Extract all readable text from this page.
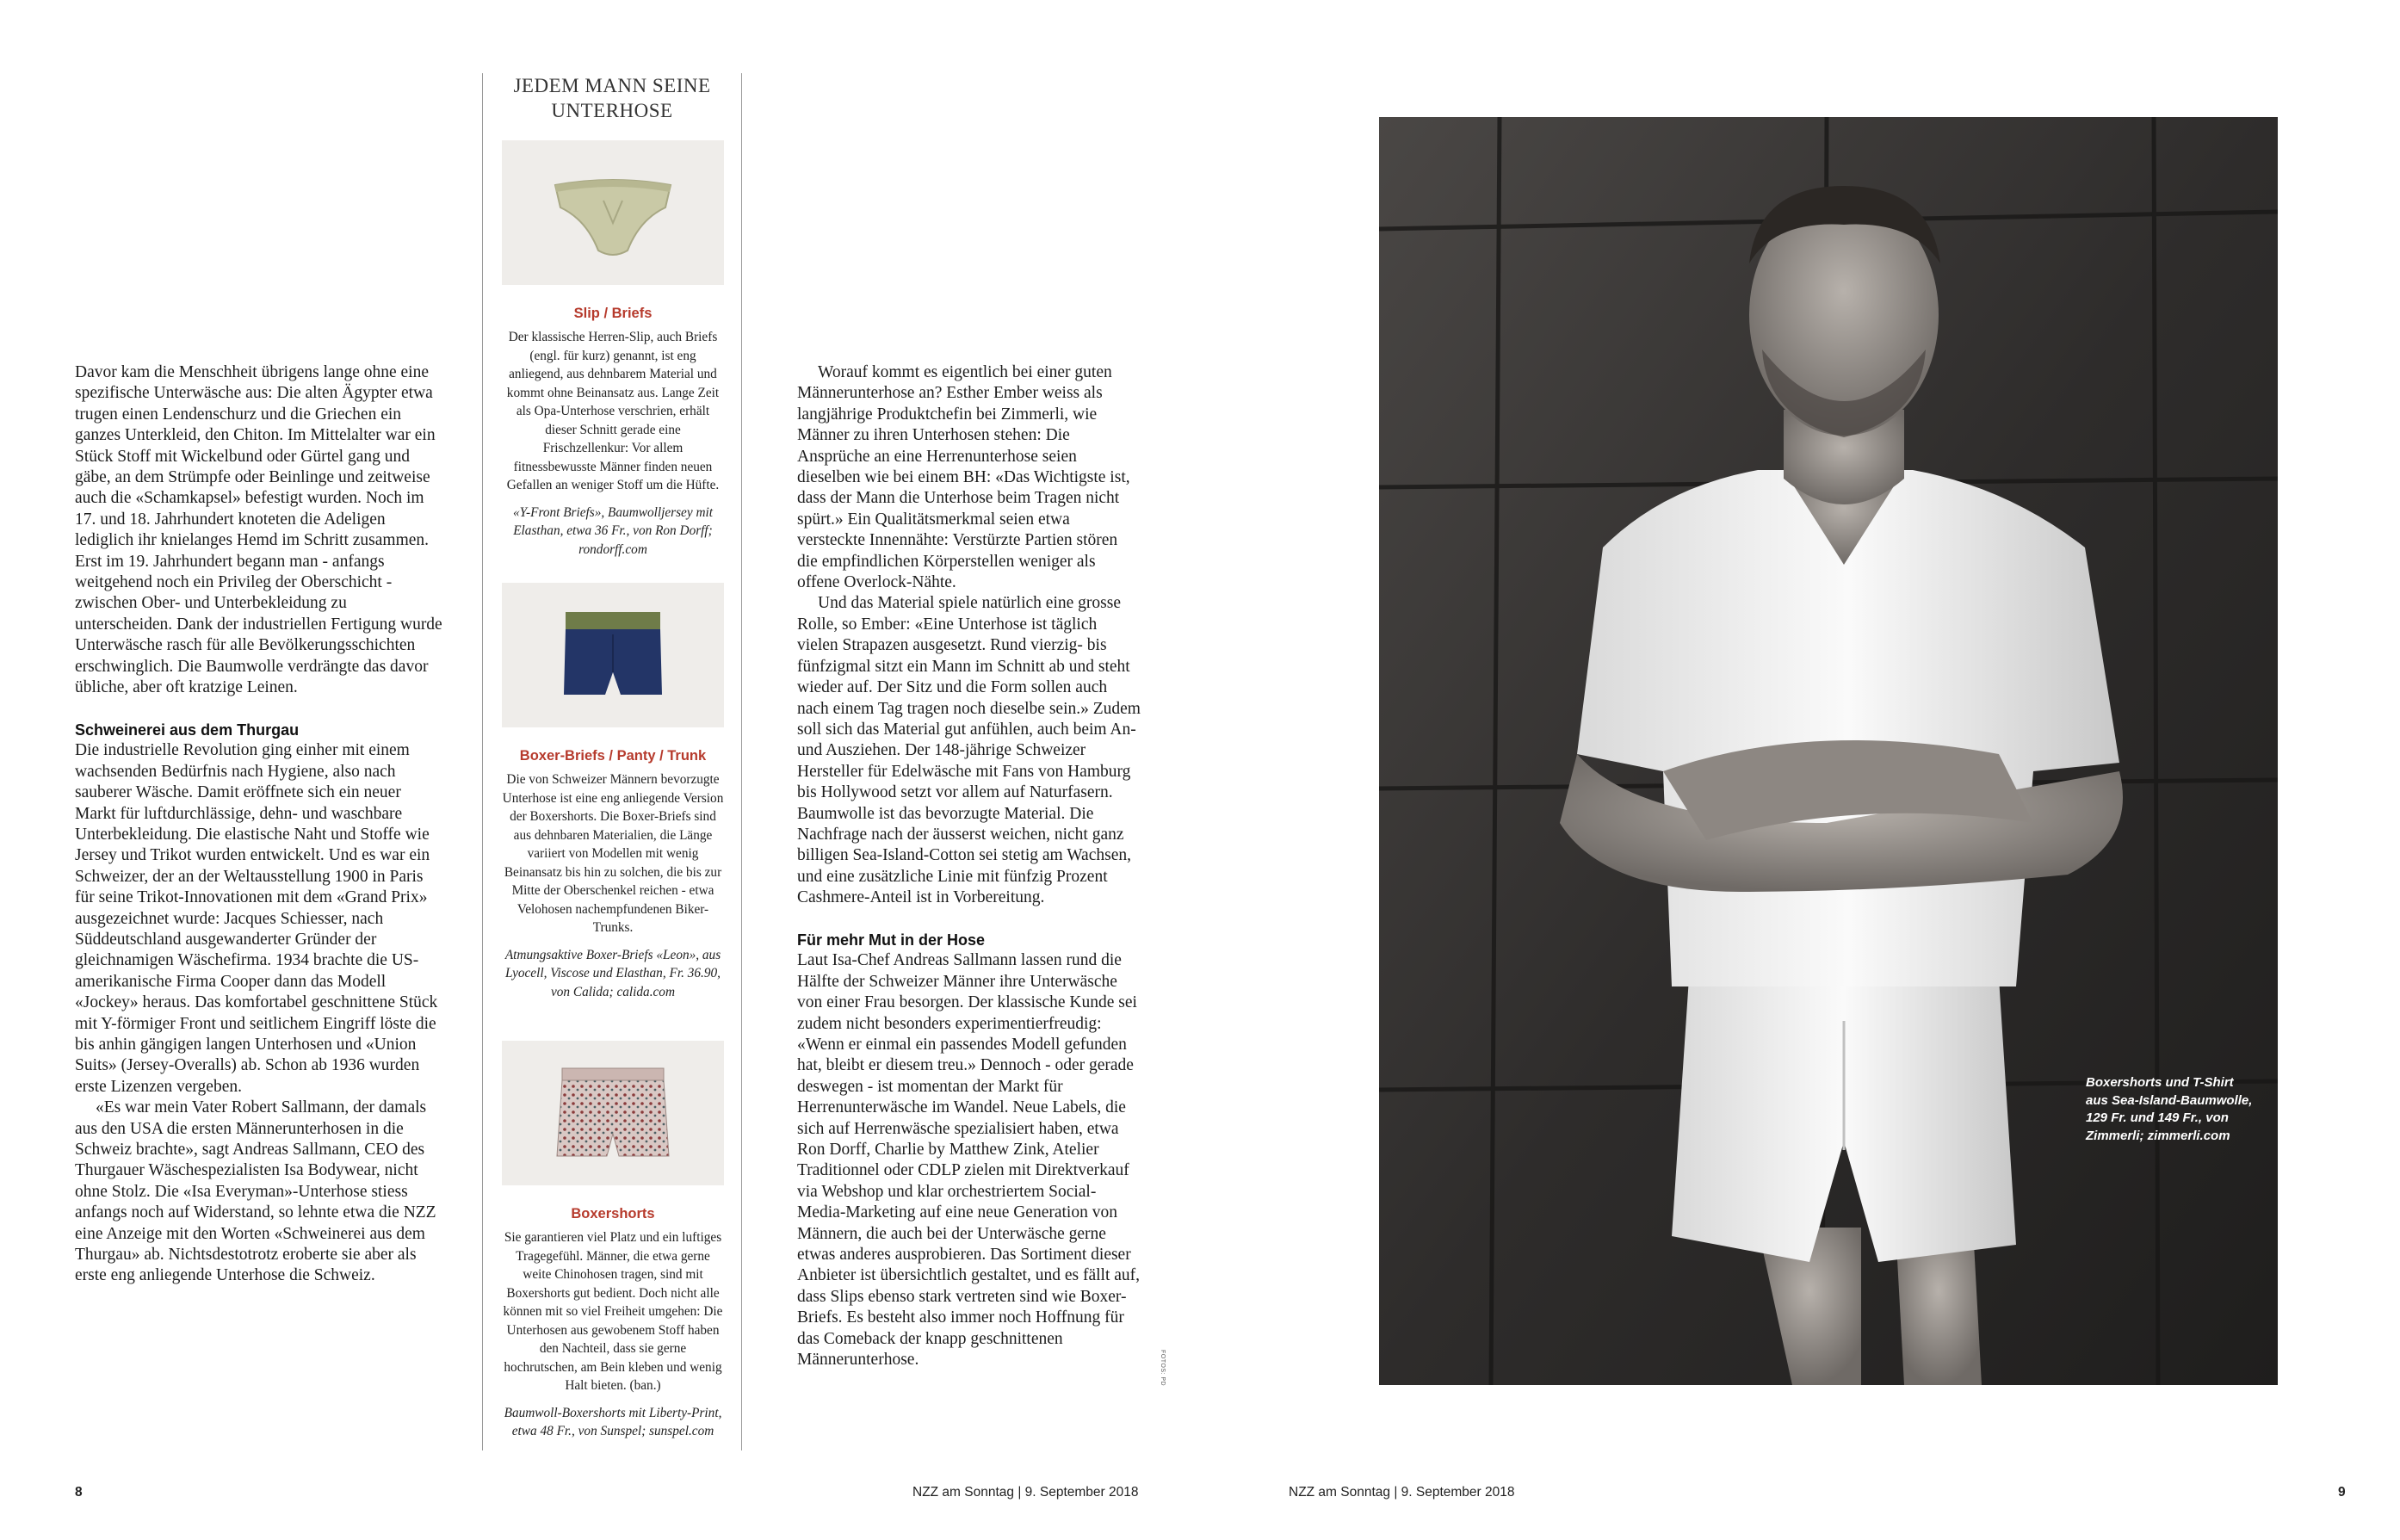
Davor kam die Menschheit übrigens lange ohne eine spezifische Unterwäsche aus: Die alten Ägypter etwa trugen einen Lendenschurz und die Griechen ein ganzes Unterkleid, den Chiton. Im Mittelalter war ein Stück Stoff mit Wickelbund oder Gürtel gang und gäbe, an dem Strümpfe oder Beinlinge und zeitweise auch die «Schamkapsel» befestigt wurden. Noch im 17. und 18. Jahrhundert knoteten die Adeligen lediglich ihr knielanges Hemd im Schritt zusammen. Erst im 19. Jahrhundert begann man - anfangs weitgehend noch ein Privileg der Oberschicht - zwischen Ober- und Unterbekleidung zu unterscheiden. Dank der industriellen Fertigung wurde Unterwäsche rasch für alle Bevölkerungsschichten erschwinglich. Die Baumwolle verdrängte das davor übliche, aber oft kratzige Leinen.

Schweinerei aus dem Thurgau

Die industrielle Revolution ging einher mit einem wachsenden Bedürfnis nach Hygiene, also nach sauberer Wäsche. Damit eröffnete sich ein neuer Markt für luftdurchlässige, dehn- und waschbare Unterbekleidung. Die elastische Naht und Stoffe wie Jersey und Trikot wurden entwickelt. Und es war ein Schweizer, der an der Weltausstellung 1900 in Paris für seine Trikot-Innovationen mit dem «Grand Prix» ausgezeichnet wurde: Jacques Schiesser, nach Süddeutschland ausgewanderter Gründer der gleichnamigen Wäschefirma. 1934 brachte die US-amerikanische Firma Cooper dann das Modell «Jockey» heraus. Das komfortabel geschnittene Stück mit Y-förmiger Front und seitlichem Eingriff löste die bis anhin gängigen langen Unterhosen und «Union Suits» (Jersey-Overalls) ab. Schon ab 1936 wurden erste Lizenzen vergeben.

«Es war mein Vater Robert Sallmann, der damals aus den USA die ersten Männerunterhosen in die Schweiz brachte», sagt Andreas Sallmann, CEO des Thurgauer Wäschespezialisten Isa Bodywear, nicht ohne Stolz. Die «Isa Everyman»-Unterhose stiess anfangs noch auf Widerstand, so lehnte etwa die NZZ eine Anzeige mit den Worten «Schweinerei aus dem Thurgau» ab. Nichtsdestotrotz eroberte sie aber als erste eng anliegende Unterhose die Schweiz.

JEDEM MANN SEINE UNTERHOSE
Slip / Briefs
Der klassische Herren-Slip, auch Briefs (engl. für kurz) genannt, ist eng anliegend, aus dehnbarem Material und kommt ohne Beinansatz aus. Lange Zeit als Opa-Unterhose verschrien, erhält dieser Schnitt gerade eine Frischzellenkur: Vor allem fitnessbewusste Männer finden neuen Gefallen an weniger Stoff um die Hüfte.
«Y-Front Briefs», Baumwolljersey mit Elasthan, etwa 36 Fr., von Ron Dorff; rondorff.com
Boxer-Briefs / Panty / Trunk
Die von Schweizer Männern bevorzugte Unterhose ist eine eng anliegende Version der Boxershorts. Die Boxer-Briefs sind aus dehnbaren Materialien, die Länge variiert von Modellen mit wenig Beinansatz bis hin zu solchen, die bis zur Mitte der Oberschenkel reichen - etwa Velohosen nachempfundenen Biker-Trunks.
Atmungsaktive Boxer-Briefs «Leon», aus Lyocell, Viscose und Elasthan, Fr. 36.90, von Calida; calida.com
Boxershorts
Sie garantieren viel Platz und ein luftiges Tragegefühl. Männer, die etwa gerne weite Chinohosen tragen, sind mit Boxershorts gut bedient. Doch nicht alle können mit so viel Freiheit umgehen: Die Unterhosen aus gewobenem Stoff haben den Nachteil, dass sie gerne hochrutschen, am Bein kleben und wenig Halt bieten. (ban.)
Baumwoll-Boxershorts mit Liberty-Print, etwa 48 Fr., von Sunspel; sunspel.com

Worauf kommt es eigentlich bei einer guten Männerunterhose an? Esther Ember weiss als langjährige Produktchefin bei Zimmerli, wie Männer zu ihren Unterhosen stehen: Die Ansprüche an eine Herrenunterhose seien dieselben wie bei einem BH: «Das Wichtigste ist, dass der Mann die Unterhose beim Tragen nicht spürt.» Ein Qualitätsmerkmal seien etwa versteckte Innennähte: Verstürzte Partien stören die empfindlichen Körperstellen weniger als offene Overlock-Nähte.

Und das Material spiele natürlich eine grosse Rolle, so Ember: «Eine Unterhose ist täglich vielen Strapazen ausgesetzt. Rund vierzig- bis fünfzigmal sitzt ein Mann im Schnitt ab und steht wieder auf. Der Sitz und die Form sollen auch nach einem Tag tragen noch dieselbe sein.» Zudem soll sich das Material gut anfühlen, auch beim An- und Ausziehen. Der 148-jährige Schweizer Hersteller für Edelwäsche mit Fans von Hamburg bis Hollywood setzt vor allem auf Naturfasern. Baumwolle ist das bevorzugte Material. Die Nachfrage nach der äusserst weichen, nicht ganz billigen Sea-Island-Cotton sei stetig am Wachsen, und eine zusätzliche Linie mit fünfzig Prozent Cashmere-Anteil ist in Vorbereitung.

Für mehr Mut in der Hose

Laut Isa-Chef Andreas Sallmann lassen rund die Hälfte der Schweizer Männer ihre Unterwäsche von einer Frau besorgen. Der klassische Kunde sei zudem nicht besonders experimentierfreudig: «Wenn er einmal ein passendes Modell gefunden hat, bleibt er diesem treu.» Dennoch - oder gerade deswegen - ist momentan der Markt für Herrenunterwäsche im Wandel. Neue Labels, die sich auf Herrenwäsche spezialisiert haben, etwa Ron Dorff, Charlie by Matthew Zink, Atelier Traditionnel oder CDLP zielen mit Direktverkauf via Webshop und klar orchestriertem Social-Media-Marketing auf eine neue Generation von Männern, die auch bei der Unterwäsche gerne etwas anderes ausprobieren. Das Sortiment dieser Anbieter ist übersichtlich gestaltet, und es fällt auf, dass Slips ebenso stark vertreten sind wie Boxer-Briefs. Es besteht also immer noch Hoffnung für das Comeback der knapp geschnittenen Männerunterhose.	FOTOS: PD
Boxershorts und T-Shirt aus Sea-Island-Baumwolle, 129 Fr. und 149 Fr., von Zimmerli; zimmerli.com
8	NZZ am Sonntag | 9. September 2018	NZZ am Sonntag | 9. September 2018	9
